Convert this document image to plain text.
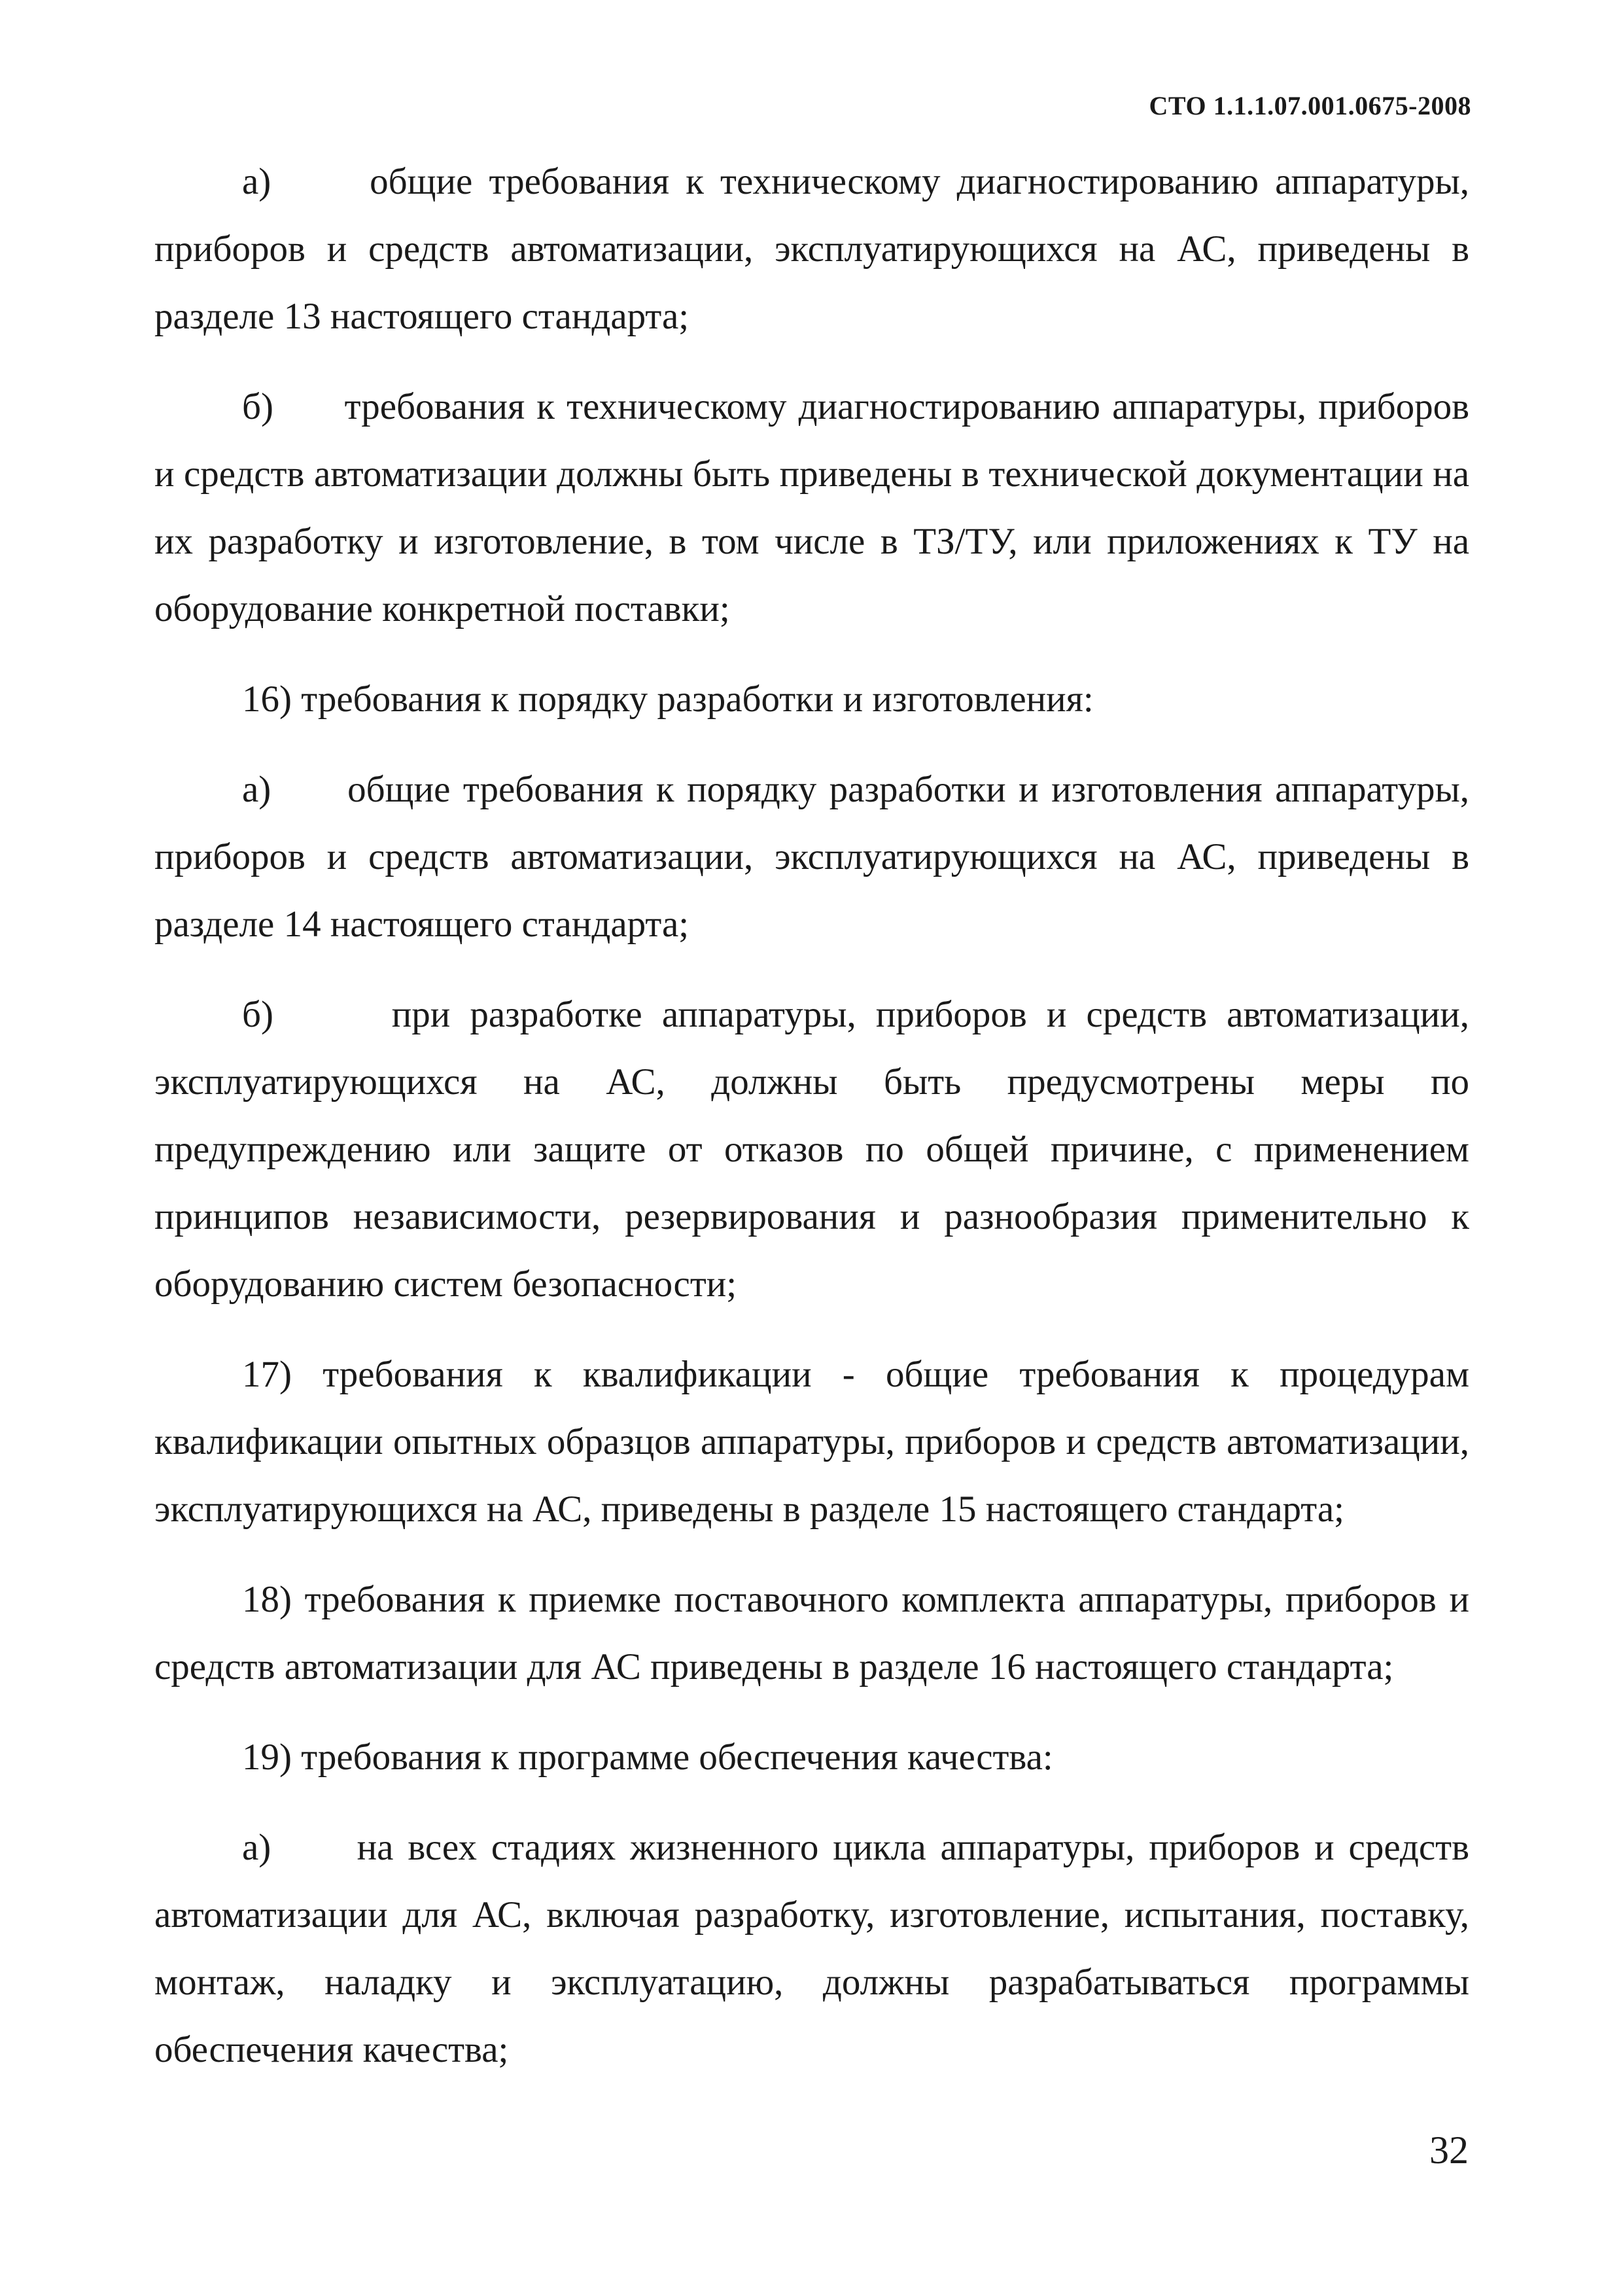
СТО 1.1.1.07.001.0675-2008

а)	общие требования к техническому диагностированию аппаратуры, приборов и средств автоматизации, эксплуатирующихся на АС, приведены в разделе 13 настоящего стандарта;

б) требования к техническому диагностированию аппаратуры, приборов и средств автоматизации должны быть приведены в технической документации на их разработку и изготовление, в том числе в ТЗ/ТУ, или приложениях к ТУ на оборудование конкретной поставки;

16) требования к порядку разработки и изготовления:

а) общие требования к порядку разработки и изготовления аппаратуры, приборов и средств автоматизации, эксплуатирующихся на АС, приведены в разделе 14 настоящего стандарта;

б)	при разработке аппаратуры, приборов и средств автоматизации, эксплуатирующихся на АС, должны быть предусмотрены меры по предупреждению или защите от отказов по общей причине, с применением принципов независимости, резервирования и разнообразия применительно к оборудованию систем безопасности;

17) требования к квалификации - общие требования к процедурам квалификации опытных образцов аппаратуры, приборов и средств автоматизации, эксплуатирующихся на АС, приведены в разделе 15 настоящего стандарта;

18) требования к приемке поставочного комплекта аппаратуры, приборов и средств автоматизации для АС приведены в разделе 16 настоящего стандарта;

19) требования к программе обеспечения качества:

а) на всех стадиях жизненного цикла аппаратуры, приборов и средств автоматизации для АС, включая разработку, изготовление, испытания, поставку, монтаж, наладку и эксплуатацию, должны разрабатываться программы обеспечения качества;

32
